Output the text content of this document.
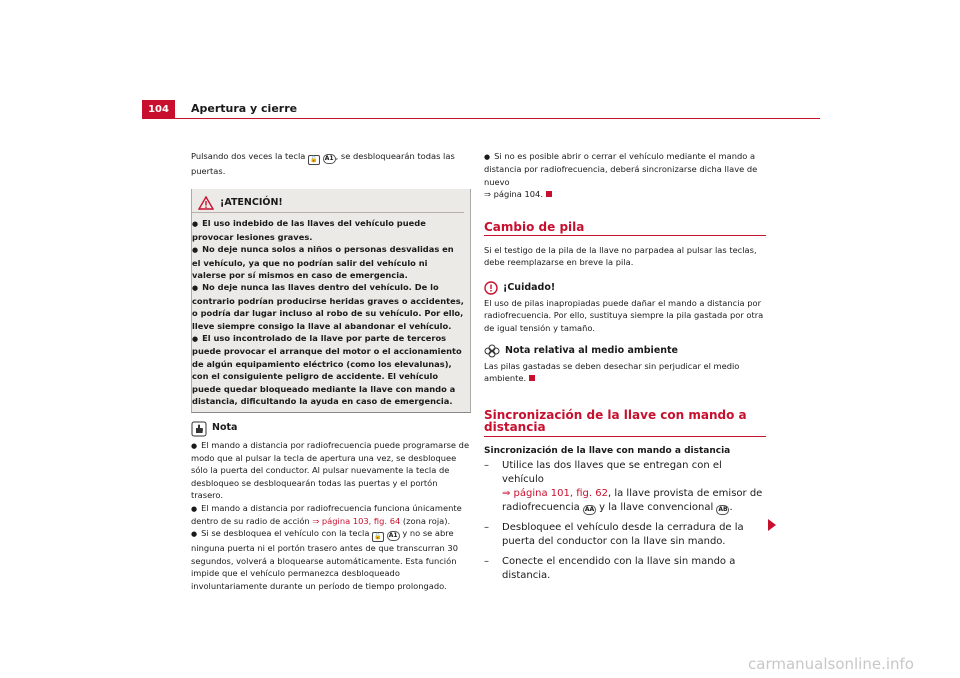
104	Apertura y cierre

Pulsando dos veces la tecla 🔓 A1 , se desbloquearán todas las puertas.

¡ATENCIÓN!
● El uso indebido de las llaves del vehículo puede provocar lesiones graves.
● No deje nunca solos a niños o personas desvalidas en el vehículo, ya que no podrían salir del vehículo ni valerse por sí mismos en caso de emergencia.
● No deje nunca las llaves dentro del vehículo. De lo contrario podrían producirse heridas graves o accidentes, o podría dar lugar incluso al robo de su vehículo. Por ello, lleve siempre consigo la llave al abandonar el vehículo.
● El uso incontrolado de la llave por parte de terceros puede provocar el arranque del motor o el accionamiento de algún equipamiento eléctrico (como los elevalunas), con el consiguiente peligro de accidente. El vehículo puede quedar bloqueado mediante la llave con mando a distancia, dificultando la ayuda en caso de emergencia.
Nota
● El mando a distancia por radiofrecuencia puede programarse de modo que al pulsar la tecla de apertura una vez, se desbloquee sólo la puerta del conductor. Al pulsar nuevamente la tecla de desbloqueo se desbloquearán todas las puertas y el portón trasero.
● El mando a distancia por radiofrecuencia funciona únicamente dentro de su radio de acción ⇒ página 103, fig. 64 (zona roja).
● Si se desbloquea el vehículo con la tecla 🔓 A1 y no se abre ninguna puerta ni el portón trasero antes de que transcurran 30 segundos, volverá a bloquearse automáticamente. Esta función impide que el vehículo permanezca desbloqueado involuntariamente durante un período de tiempo prolongado.
● Si no es posible abrir o cerrar el vehículo mediante el mando a distancia por radiofrecuencia, deberá sincronizarse dicha llave de nuevo
⇒ página 104.
Cambio de pila

Si el testigo de la pila de la llave no parpadea al pulsar las teclas, debe reemplazarse en breve la pila.

¡Cuidado!

El uso de pilas inapropiadas puede dañar el mando a distancia por radiofrecuencia. Por ello, sustituya siempre la pila gastada por otra de igual tensión y tamaño.

Nota relativa al medio ambiente

Las pilas gastadas se deben desechar sin perjudicar el medio ambiente.

Sincronización de la llave con mando a distancia

Sincronización de la llave con mando a distancia

–	Utilice las dos llaves que se entregan con el vehículo
⇒ página 101, fig. 62, la llave provista de emisor de radiofrecuencia AA y la llave convencional AB .
–	Desbloquee el vehículo desde la cerradura de la puerta del conductor con la llave sin mando.
–	Conecte el encendido con la llave sin mando a distancia.
carmanualsonline.info
